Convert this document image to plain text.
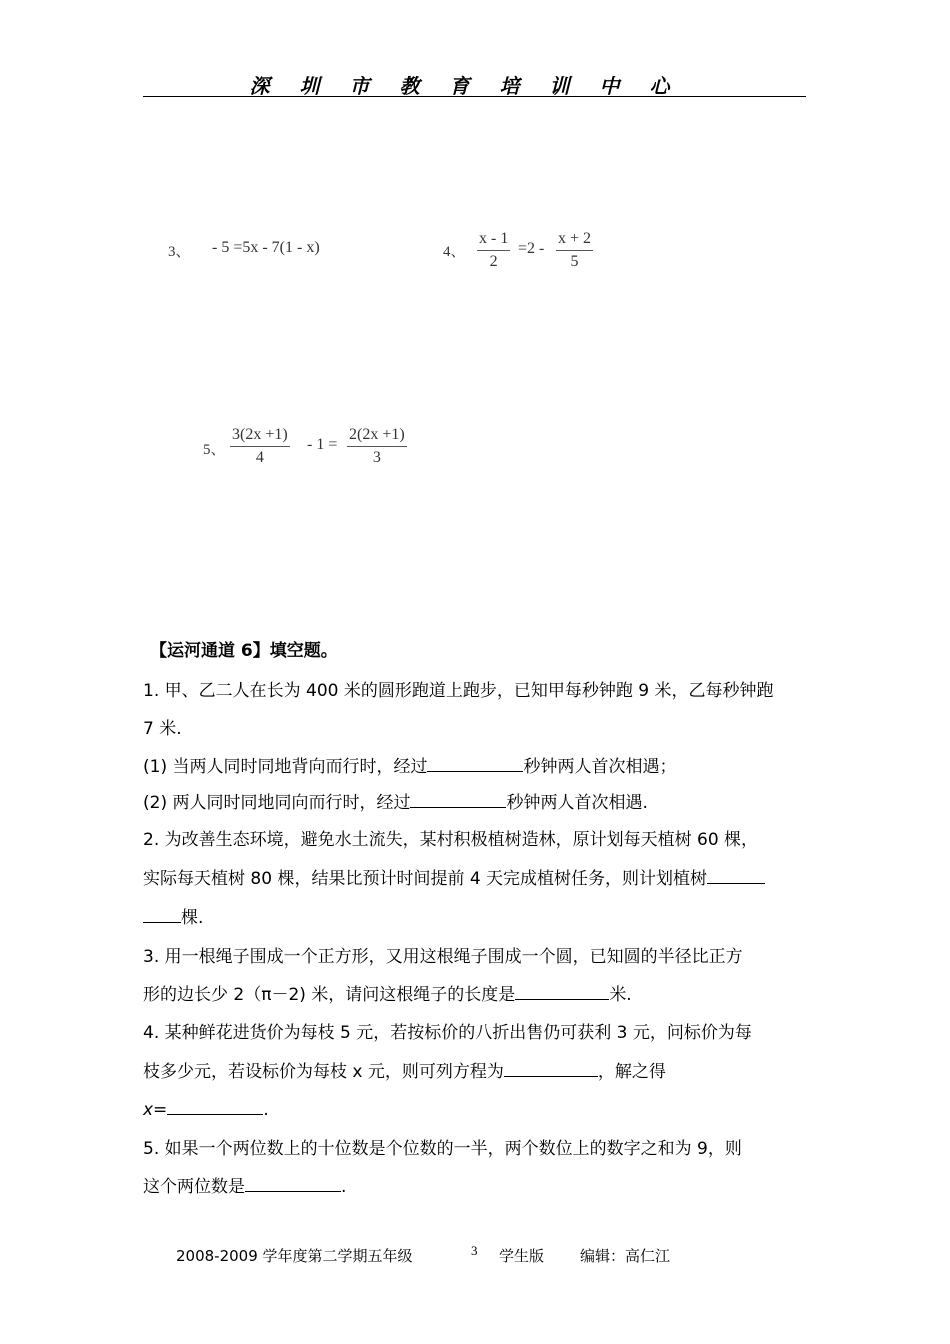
深圳市教育培训中心
3、 - 5 =5x - 7(1 - x)	4、 $\frac{x - 1}{2} =2 - \frac{x + 2}{5}$
5、 $\frac{3(2x +1)}{4} - 1 = \frac{2(2x +1)}{3}$
【运河通道 6】填空题。
1. 甲、乙二人在长为 400 米的圆形跑道上跑步，已知甲每秒钟跑 9 米，乙每秒钟跑
7 米.
(1) 当两人同时同地背向而行时，经过	秒钟两人首次相遇；
(2) 两人同时同地同向而行时，经过	秒钟两人首次相遇.
2. 为改善生态环境，避免水土流失，某村积极植树造林，原计划每天植树 60 棵，
实际每天植树 80 棵，结果比预计时间提前 4 天完成植树任务，则计划植树
棵.
3. 用一根绳子围成一个正方形，又用这根绳子围成一个圆，已知圆的半径比正方
形的边长少 2（π－2) 米，请问这根绳子的长度是	米.
4. 某种鲜花进货价为每枝 5 元，若按标价的八折出售仍可获利 3 元，问标价为每
枝多少元，若设标价为每枝 x 元，则可列方程为	，解之得
x=	.
5. 如果一个两位数上的十位数是个位数的一半，两个数位上的数字之和为 9，则
这个两位数是	.
2008-2009 学年度第二学期五年级	3 学生版 编辑：高仁江
